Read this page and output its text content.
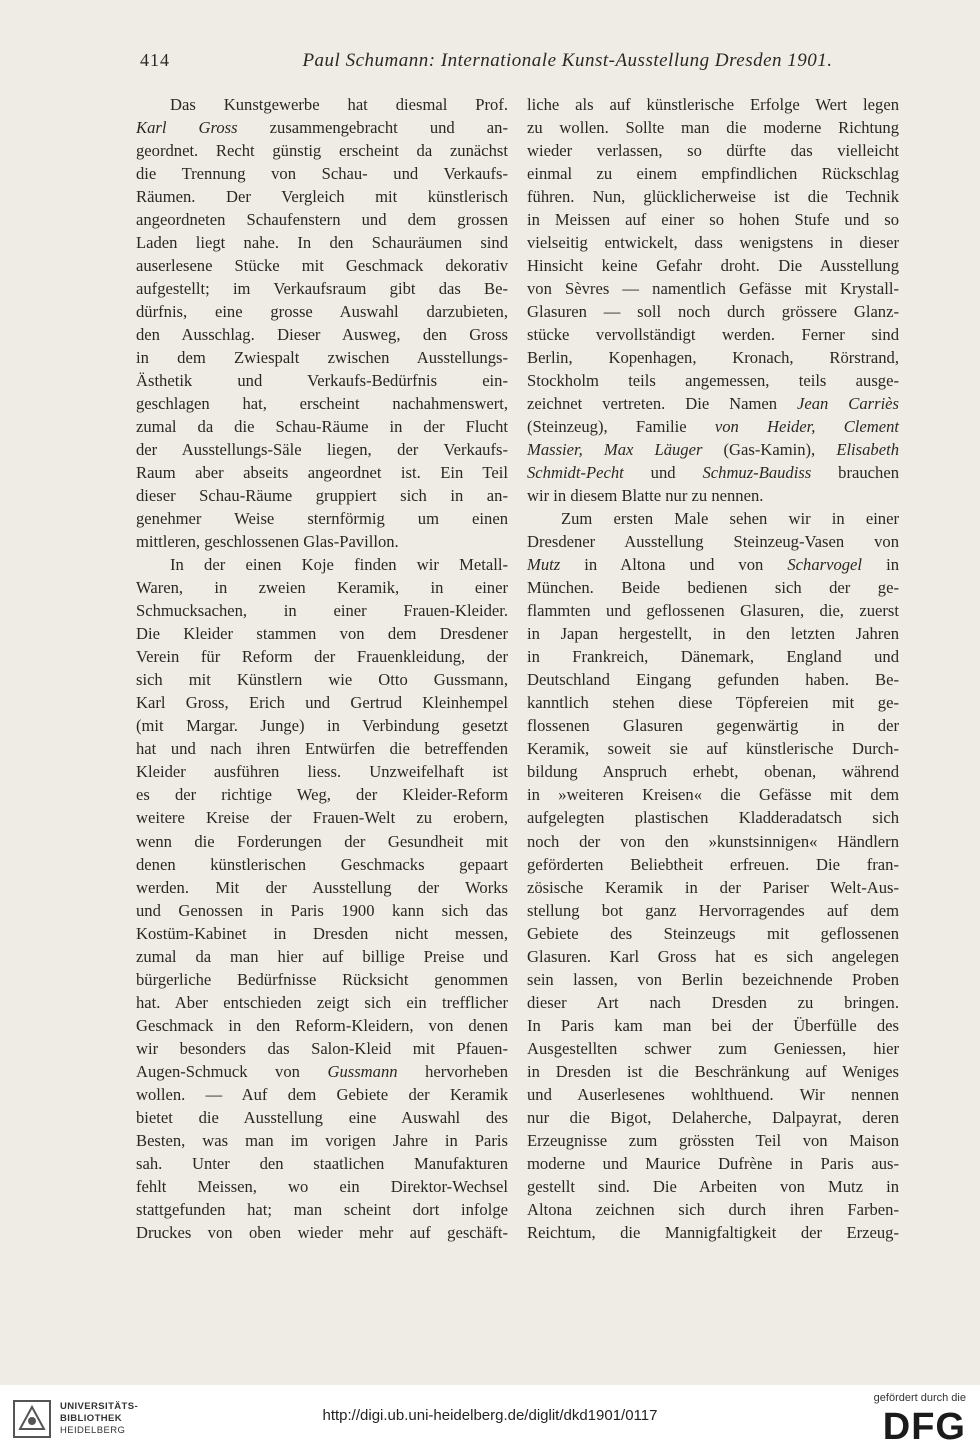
414	Paul Schumann: Internationale Kunst-Ausstellung Dresden 1901.
Das Kunstgewerbe hat diesmal Prof.
Karl Gross zusammengebracht und an-
geordnet. Recht günstig erscheint da zunächst
die Trennung von Schau- und Verkaufs-
Räumen. Der Vergleich mit künstlerisch
angeordneten Schaufenstern und dem grossen
Laden liegt nahe. In den Schauräumen sind
auserlesene Stücke mit Geschmack dekorativ
aufgestellt; im Verkaufsraum gibt das Be-
dürfnis, eine grosse Auswahl darzubieten,
den Ausschlag. Dieser Ausweg, den Gross
in dem Zwiespalt zwischen Ausstellungs-
Ästhetik und Verkaufs-Bedürfnis ein-
geschlagen hat, erscheint nachahmenswert,
zumal da die Schau-Räume in der Flucht
der Ausstellungs-Säle liegen, der Verkaufs-
Raum aber abseits angeordnet ist. Ein Teil
dieser Schau-Räume gruppiert sich in an-
genehmer Weise sternförmig um einen
mittleren, geschlossenen Glas-Pavillon.
In der einen Koje finden wir Metall-
Waren, in zweien Keramik, in einer
Schmucksachen, in einer Frauen-Kleider.
Die Kleider stammen von dem Dresdener
Verein für Reform der Frauenkleidung, der
sich mit Künstlern wie Otto Gussmann,
Karl Gross, Erich und Gertrud Kleinhempel
(mit Margar. Junge) in Verbindung gesetzt
hat und nach ihren Entwürfen die betreffenden
Kleider ausführen liess. Unzweifelhaft ist
es der richtige Weg, der Kleider-Reform
weitere Kreise der Frauen-Welt zu erobern,
wenn die Forderungen der Gesundheit mit
denen künstlerischen Geschmacks gepaart
werden. Mit der Ausstellung der Works
und Genossen in Paris 1900 kann sich das
Kostüm-Kabinet in Dresden nicht messen,
zumal da man hier auf billige Preise und
bürgerliche Bedürfnisse Rücksicht genommen
hat. Aber entschieden zeigt sich ein trefflicher
Geschmack in den Reform-Kleidern, von denen
wir besonders das Salon-Kleid mit Pfauen-
Augen-Schmuck von Gussmann hervorheben
wollen. — Auf dem Gebiete der Keramik
bietet die Ausstellung eine Auswahl des
Besten, was man im vorigen Jahre in Paris
sah. Unter den staatlichen Manufakturen
fehlt Meissen, wo ein Direktor-Wechsel
stattgefunden hat; man scheint dort infolge
Druckes von oben wieder mehr auf geschäft-
liche als auf künstlerische Erfolge Wert legen
zu wollen. Sollte man die moderne Richtung
wieder verlassen, so dürfte das vielleicht
einmal zu einem empfindlichen Rückschlag
führen. Nun, glücklicherweise ist die Technik
in Meissen auf einer so hohen Stufe und so
vielseitig entwickelt, dass wenigstens in dieser
Hinsicht keine Gefahr droht. Die Ausstellung
von Sèvres — namentlich Gefässe mit Krystall-
Glasuren — soll noch durch grössere Glanz-
stücke vervollständigt werden. Ferner sind
Berlin, Kopenhagen, Kronach, Rörstrand,
Stockholm teils angemessen, teils ausge-
zeichnet vertreten. Die Namen Jean Carriès
(Steinzeug), Familie von Heider, Clement
Massier, Max Läuger (Gas-Kamin), Elisabeth
Schmidt-Pecht und Schmuz-Baudiss brauchen
wir in diesem Blatte nur zu nennen.
Zum ersten Male sehen wir in einer
Dresdener Ausstellung Steinzeug-Vasen von
Mutz in Altona und von Scharvogel in
München. Beide bedienen sich der ge-
flammten und geflossenen Glasuren, die, zuerst
in Japan hergestellt, in den letzten Jahren
in Frankreich, Dänemark, England und
Deutschland Eingang gefunden haben. Be-
kanntlich stehen diese Töpfereien mit ge-
flossenen Glasuren gegenwärtig in der
Keramik, soweit sie auf künstlerische Durch-
bildung Anspruch erhebt, obenan, während
in »weiteren Kreisen« die Gefässe mit dem
aufgelegten plastischen Kladderadatsch sich
noch der von den »kunstsinnigen« Händlern
geförderten Beliebtheit erfreuen. Die fran-
zösische Keramik in der Pariser Welt-Aus-
stellung bot ganz Hervorragendes auf dem
Gebiete des Steinzeugs mit geflossenen
Glasuren. Karl Gross hat es sich angelegen
sein lassen, von Berlin bezeichnende Proben
dieser Art nach Dresden zu bringen.
In Paris kam man bei der Überfülle des
Ausgestellten schwer zum Geniessen, hier
in Dresden ist die Beschränkung auf Weniges
und Auserlesenes wohlthuend. Wir nennen
nur die Bigot, Delaherche, Dalpayrat, deren
Erzeugnisse zum grössten Teil von Maison
moderne und Maurice Dufrène in Paris aus-
gestellt sind. Die Arbeiten von Mutz in
Altona zeichnen sich durch ihren Farben-
Reichtum, die Mannigfaltigkeit der Erzeug-
UNIVERSITÄTS-
BIBLIOTHEK
HEIDELBERG
http://digi.ub.uni-heidelberg.de/diglit/dkd1901/0117
gefördert durch die
DFG
